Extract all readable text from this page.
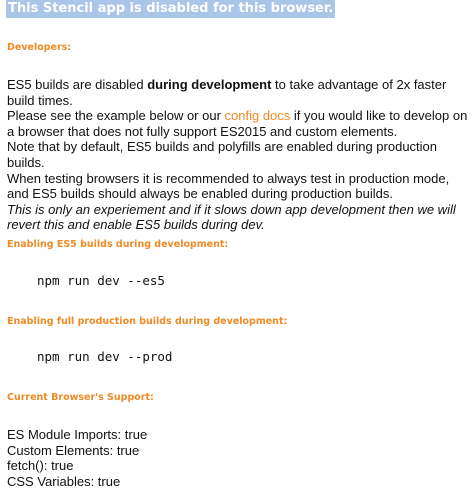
This Stencil app is disabled for this browser.
Developers:
ES5 builds are disabled during development to take advantage of 2x faster build times.
Please see the example below or our config docs if you would like to develop on a browser that does not fully support ES2015 and custom elements.
Note that by default, ES5 builds and polyfills are enabled during production builds.
When testing browsers it is recommended to always test in production mode, and ES5 builds should always be enabled during production builds.
This is only an experiement and if it slows down app development then we will revert this and enable ES5 builds during dev.
Enabling ES5 builds during development:
npm run dev --es5
Enabling full production builds during development:
npm run dev --prod
Current Browser's Support:
ES Module Imports: true
Custom Elements: true
fetch(): true
CSS Variables: true
